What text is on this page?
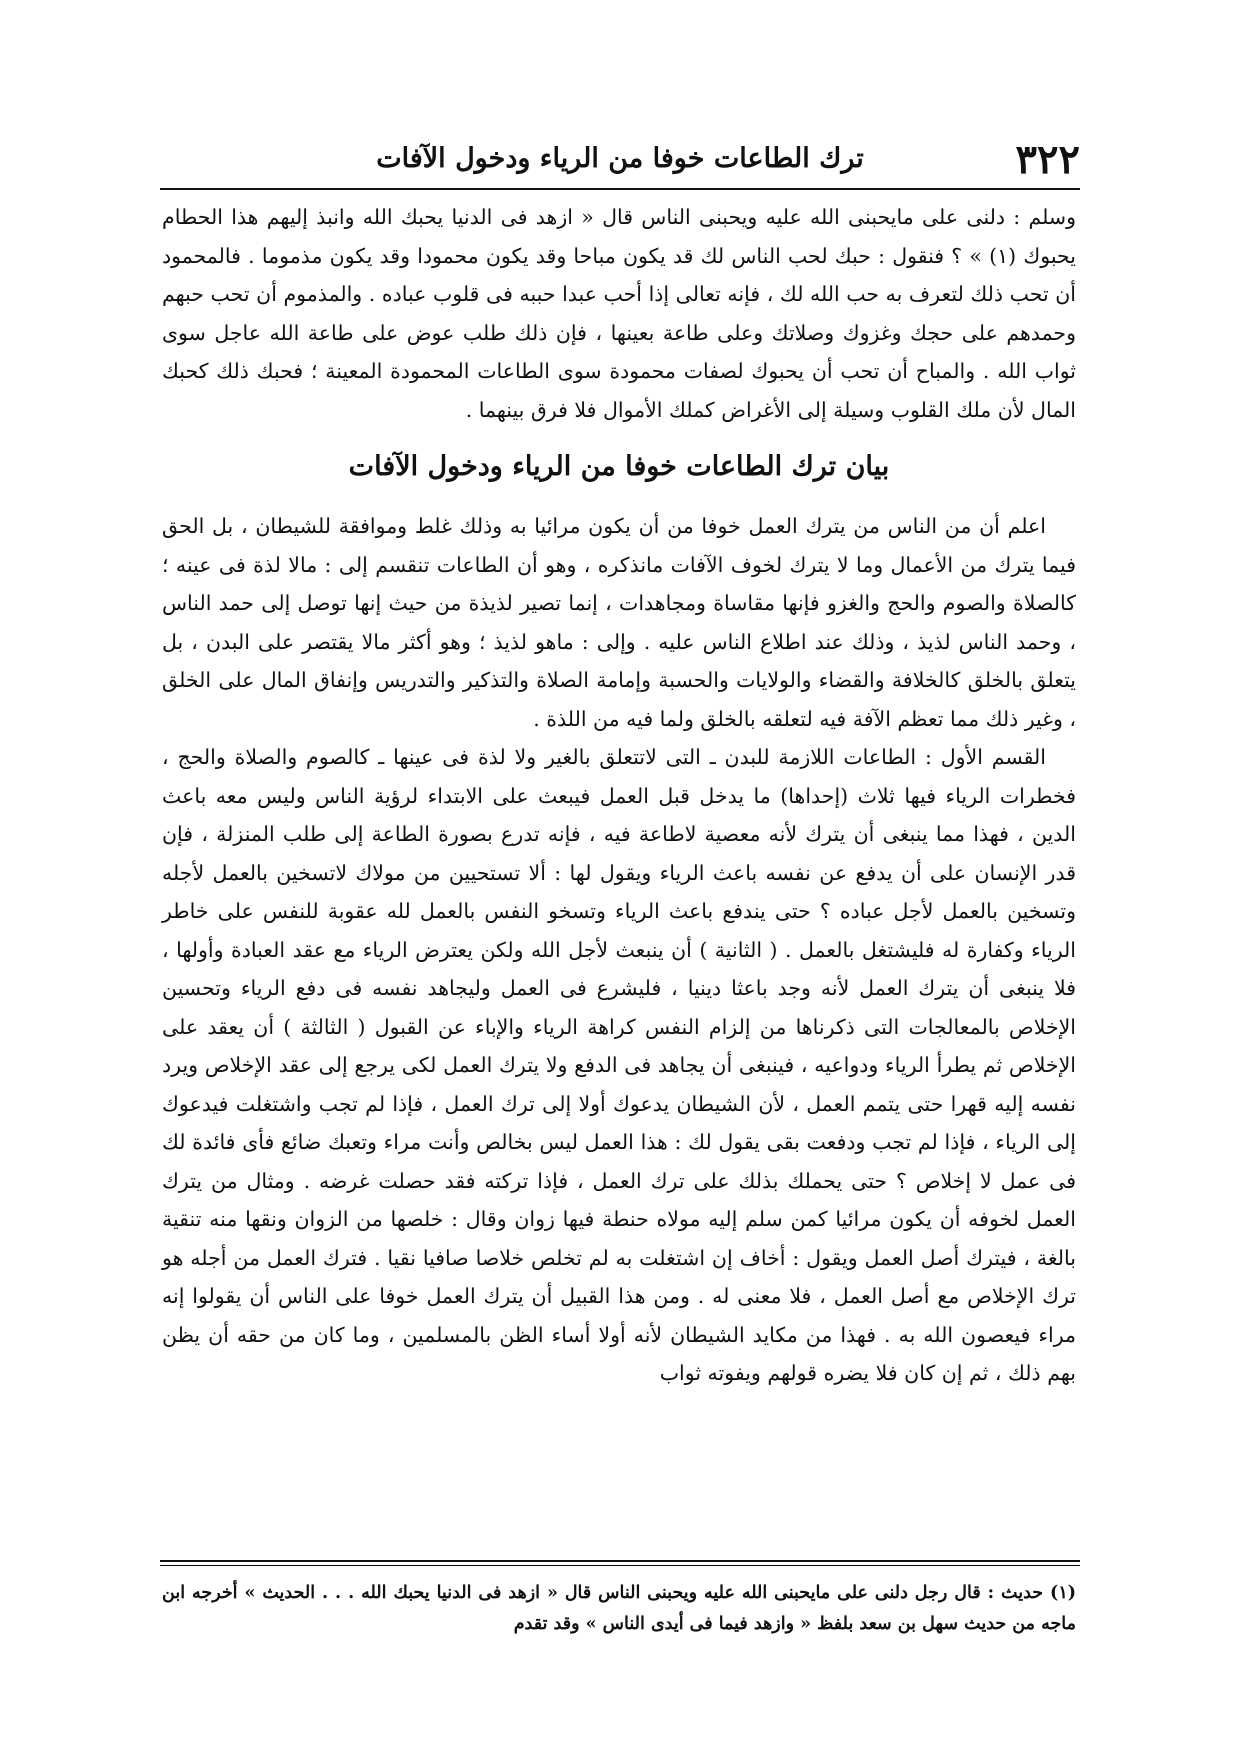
٣٢٢
ترك الطاعات خوفا من الرياء ودخول الآفات

وسلم : دلنى على مايحبنى الله عليه ويحبنى الناس قال « ازهد فى الدنيا يحبك الله وانبذ إليهم هذا الحطام يحبوك (١) » ؟ فنقول : حبك لحب الناس لك قد يكون مباحا وقد يكون محمودا وقد يكون مذموما . فالمحمود أن تحب ذلك لتعرف به حب الله لك ، فإنه تعالى إذا أحب عبدا حببه فى قلوب عباده . والمذموم أن تحب حبهم وحمدهم على حجك وغزوك وصلاتك وعلى طاعة بعينها ، فإن ذلك طلب عوض على طاعة الله عاجل سوى ثواب الله . والمباح أن تحب أن يحبوك لصفات محمودة سوى الطاعات المحمودة المعينة ؛ فحبك ذلك كحبك المال لأن ملك القلوب وسيلة إلى الأغراض كملك الأموال فلا فرق بينهما .

بيان ترك الطاعات خوفا من الرياء ودخول الآفات

اعلم أن من الناس من يترك العمل خوفا من أن يكون مرائيا به وذلك غلط وموافقة للشيطان ، بل الحق فيما يترك من الأعمال وما لا يترك لخوف الآفات مانذكره ، وهو أن الطاعات تنقسم إلى : مالا لذة فى عينه ؛ كالصلاة والصوم والحج والغزو فإنها مقاساة ومجاهدات ، إنما تصير لذيذة من حيث إنها توصل إلى حمد الناس ، وحمد الناس لذيذ ، وذلك عند اطلاع الناس عليه . وإلى : ماهو لذيذ ؛ وهو أكثر مالا يقتصر على البدن ، بل يتعلق بالخلق كالخلافة والقضاء والولايات والحسبة وإمامة الصلاة والتذكير والتدريس وإنفاق المال على الخلق ، وغير ذلك مما تعظم الآفة فيه لتعلقه بالخلق ولما فيه من اللذة .

القسم الأول : الطاعات اللازمة للبدن ـ التى لاتتعلق بالغير ولا لذة فى عينها ـ كالصوم والصلاة والحج ، فخطرات الرياء فيها ثلاث (إحداها) ما يدخل قبل العمل فيبعث على الابتداء لرؤية الناس وليس معه باعث الدين ، فهذا مما ينبغى أن يترك لأنه معصية لاطاعة فيه ، فإنه تدرع بصورة الطاعة إلى طلب المنزلة ، فإن قدر الإنسان على أن يدفع عن نفسه باعث الرياء ويقول لها : ألا تستحيين من مولاك لاتسخين بالعمل لأجله وتسخين بالعمل لأجل عباده ؟ حتى يندفع باعث الرياء وتسخو النفس بالعمل لله عقوبة للنفس على خاطر الرياء وكفارة له فليشتغل بالعمل . ( الثانية ) أن ينبعث لأجل الله ولكن يعترض الرياء مع عقد العبادة وأولها ، فلا ينبغى أن يترك العمل لأنه وجد باعثا دينيا ، فليشرع فى العمل وليجاهد نفسه فى دفع الرياء وتحسين الإخلاص بالمعالجات التى ذكرناها من إلزام النفس كراهة الرياء والإباء عن القبول ( الثالثة ) أن يعقد على الإخلاص ثم يطرأ الرياء ودواعيه ، فينبغى أن يجاهد فى الدفع ولا يترك العمل لكى يرجع إلى عقد الإخلاص ويرد نفسه إليه قهرا حتى يتمم العمل ، لأن الشيطان يدعوك أولا إلى ترك العمل ، فإذا لم تجب واشتغلت فيدعوك إلى الرياء ، فإذا لم تجب ودفعت بقى يقول لك : هذا العمل ليس بخالص وأنت مراء وتعبك ضائع فأى فائدة لك فى عمل لا إخلاص ؟ حتى يحملك بذلك على ترك العمل ، فإذا تركته فقد حصلت غرضه . ومثال من يترك العمل لخوفه أن يكون مرائيا كمن سلم إليه مولاه حنطة فيها زوان وقال : خلصها من الزوان ونقها منه تنقية بالغة ، فيترك أصل العمل ويقول : أخاف إن اشتغلت به لم تخلص خلاصا صافيا نقيا . فترك العمل من أجله هو ترك الإخلاص مع أصل العمل ، فلا معنى له . ومن هذا القبيل أن يترك العمل خوفا على الناس أن يقولوا إنه مراء فيعصون الله به . فهذا من مكايد الشيطان لأنه أولا أساء الظن بالمسلمين ، وما كان من حقه أن يظن بهم ذلك ، ثم إن كان فلا يضره قولهم ويفوته ثواب

(١) حديث : قال رجل دلنى على مايحبنى الله عليه ويحبنى الناس قال « ازهد فى الدنيا يحبك الله . . . الحديث » أخرجه ابن ماجه من حديث سهل بن سعد بلفظ « وازهد فيما فى أيدى الناس » وقد تقدم
